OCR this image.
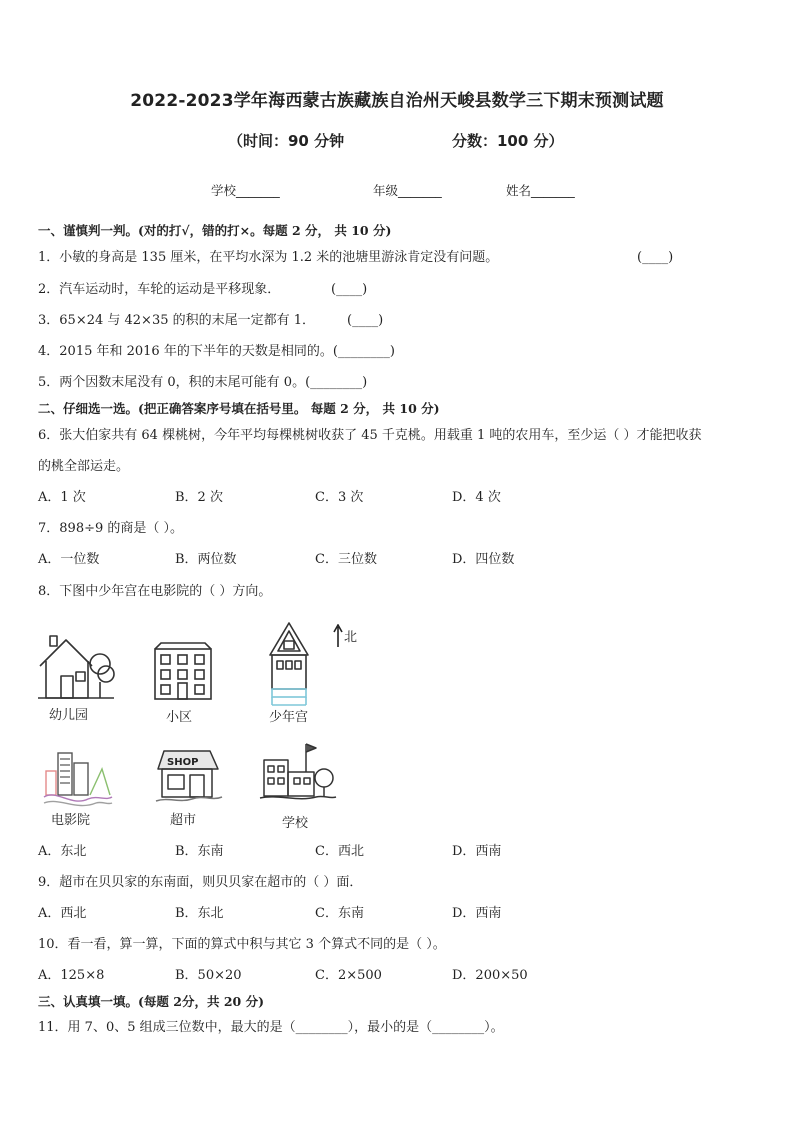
2022-2023学年海西蒙古族藏族自治州天峻县数学三下期末预测试题
（时间：90 分钟	分数：100 分）
学校_______	年级_______	姓名_______
一、谨慎判一判。(对的打√，错的打×。每题 2 分， 共 10 分)
1．小敏的身高是 135 厘米，在平均水深为 1.2 米的池塘里游泳肯定没有问题。	(____)
2．汽车运动时，车轮的运动是平移现象．	(____)
3．65×24 与 42×35 的积的末尾一定都有 1．	(____)
4．2015 年和 2016 年的下半年的天数是相同的。(________)
5．两个因数末尾没有 0，积的末尾可能有 0。(________)
二、仔细选一选。(把正确答案序号填在括号里。 每题 2 分， 共 10 分)
6．张大伯家共有 64 棵桃树，今年平均每棵桃树收获了 45 千克桃。用载重 1 吨的农用车，至少运（ ）才能把收获
的桃全部运走。
A．1 次	B．2 次	C．3 次	D．4 次
7．898÷9 的商是（ ）。
A．一位数	B．两位数	C．三位数	D．四位数
8．下图中少年宫在电影院的（ ）方向。
幼儿园	小区	少年宫
北
电影院
SHOP
超市	学校
A．东北	B．东南	C．西北	D．西南
9．超市在贝贝家的东南面，则贝贝家在超市的（ ）面．
A．西北	B．东北	C．东南	D．西南
10．看一看，算一算，下面的算式中积与其它 3 个算式不同的是（ ）。
A．125×8	B．50×20	C．2×500	D．200×50
三、认真填一填。(每题 2分，共 20 分)
11．用 7、0、5 组成三位数中，最大的是（________），最小的是（________）。
